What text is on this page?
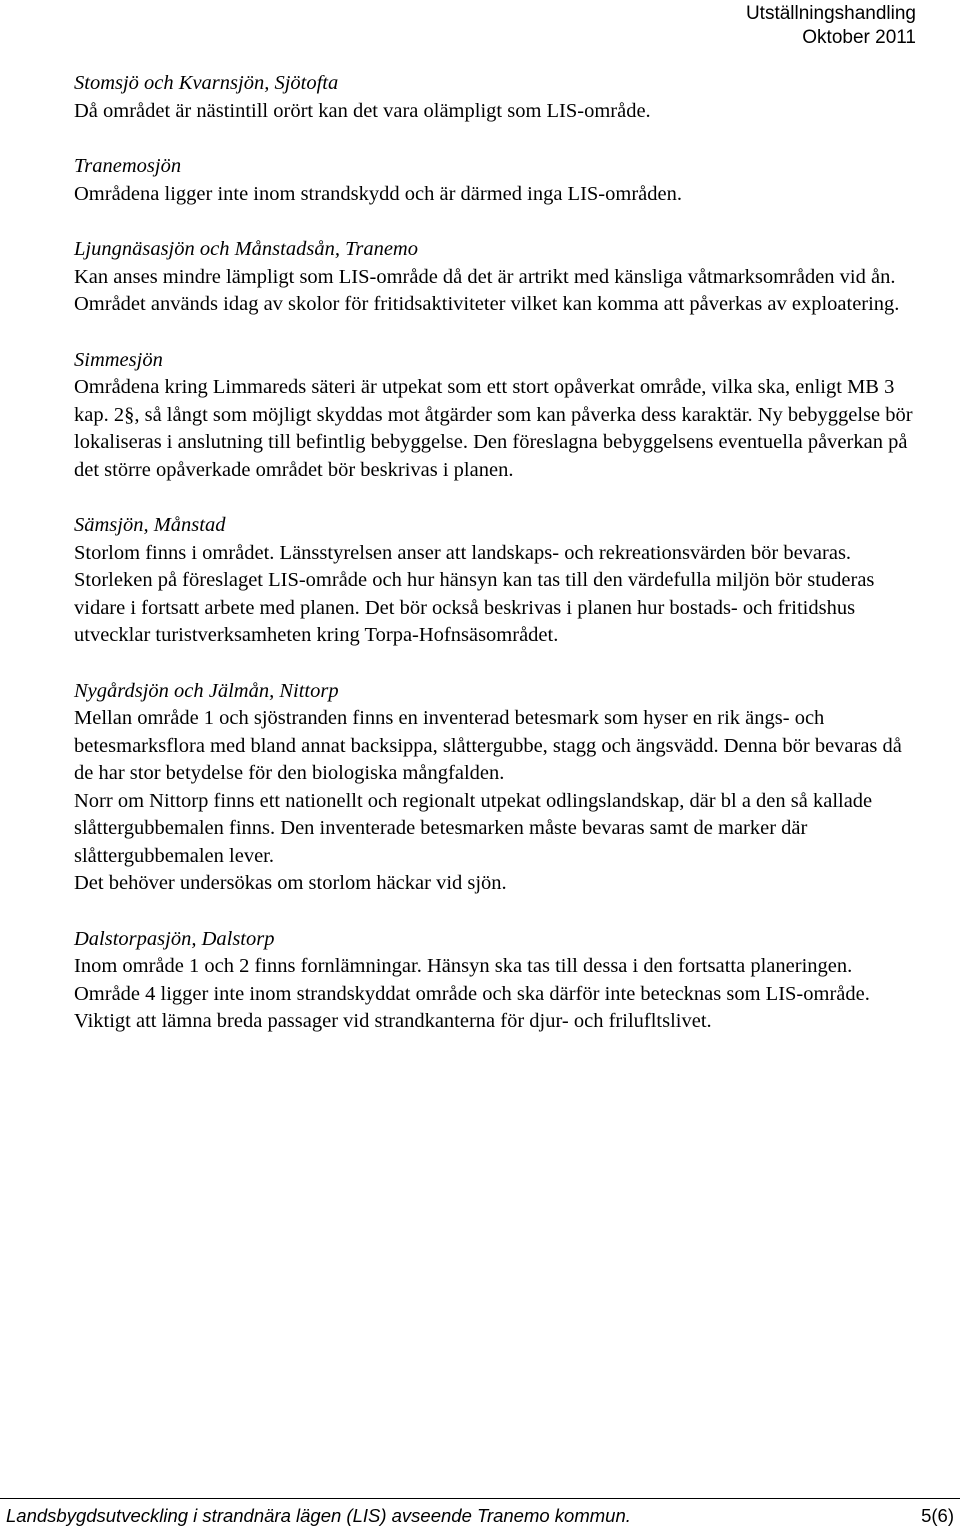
Utställningshandling
Oktober 2011

Stomsjö och Kvarnsjön, Sjötofta

Då området är nästintill orört kan det vara olämpligt som LIS-område.

Tranemosjön

Områdena ligger inte inom strandskydd och är därmed inga LIS-områden.

Ljungnäsasjön och Månstadsån, Tranemo

Kan anses mindre lämpligt som LIS-område då det är artrikt med känsliga våtmarksområden vid ån. Området används idag av skolor för fritidsaktiviteter vilket kan komma att påverkas av exploatering.

Simmesjön

Områdena kring Limmareds säteri är utpekat som ett stort opåverkat område, vilka ska, enligt MB 3 kap. 2§, så långt som möjligt skyddas mot åtgärder som kan påverka dess karaktär. Ny bebyggelse bör lokaliseras i anslutning till befintlig bebyggelse. Den föreslagna bebyggelsens eventuella påverkan på det större opåverkade området bör beskrivas i planen.

Sämsjön, Månstad

Storlom finns i området. Länsstyrelsen anser att landskaps- och rekreationsvärden bör bevaras. Storleken på föreslaget LIS-område och hur hänsyn kan tas till den värdefulla miljön bör studeras vidare i fortsatt arbete med planen. Det bör också beskrivas i planen hur bostads- och fritidshus utvecklar turistverksamheten kring Torpa-Hofnsäsområdet.

Nygårdsjön och Jälmån, Nittorp

Mellan område 1 och sjöstranden finns en inventerad betesmark som hyser en rik ängs- och betesmarksflora med bland annat backsippa, slåttergubbe, stagg och ängsvädd. Denna bör bevaras då de har stor betydelse för den biologiska mångfalden.

Norr om Nittorp finns ett nationellt och regionalt utpekat odlingslandskap, där bl a den så kallade slåttergubbemalen finns. Den inventerade betesmarken måste bevaras samt de marker där slåttergubbemalen lever.

Det behöver undersökas om storlom häckar vid sjön.

Dalstorpasjön, Dalstorp

Inom område 1 och 2 finns fornlämningar. Hänsyn ska tas till dessa i den fortsatta planeringen.

Område 4 ligger inte inom strandskyddat område och ska därför inte betecknas som LIS-område.

Viktigt att lämna breda passager vid strandkanterna för djur- och frilufltslivet.

Landsbygdsutveckling i strandnära lägen (LIS) avseende Tranemo kommun.	5(6)
